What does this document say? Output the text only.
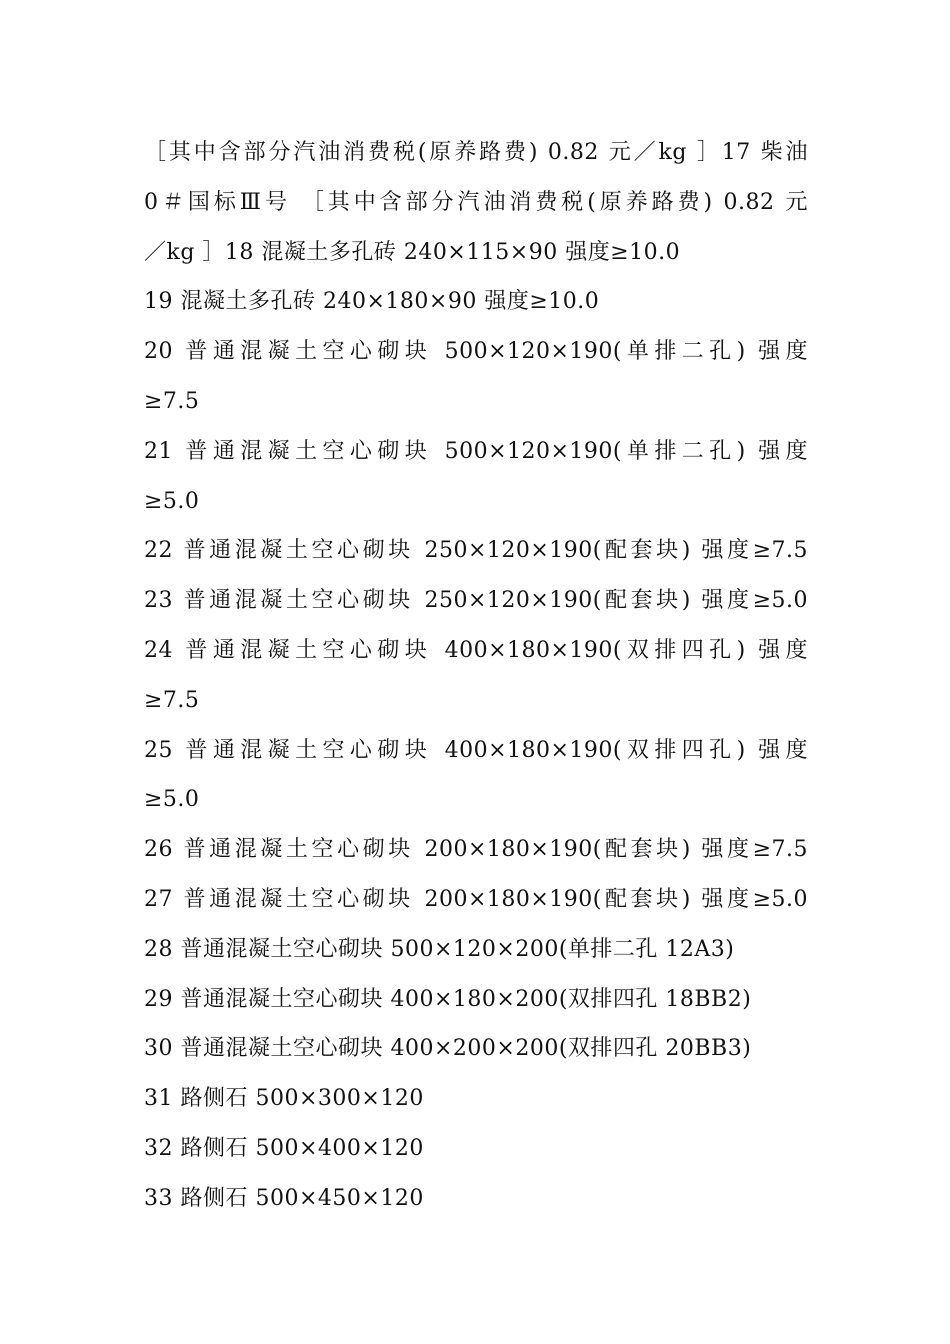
［其中含部分汽油消费税(原养路费) 0.82 元／kg ］17 柴油
0＃国标Ⅲ号 ［其中含部分汽油消费税(原养路费) 0.82 元
／kg ］18 混凝土多孔砖 240×115×90 强度≥10.0
19 混凝土多孔砖 240×180×90 强度≥10.0
20 普通混凝土空心砌块 500×120×190(单排二孔) 强度
≥7.5
21 普通混凝土空心砌块 500×120×190(单排二孔) 强度
≥5.0
22 普通混凝土空心砌块 250×120×190(配套块) 强度≥7.5
23 普通混凝土空心砌块 250×120×190(配套块) 强度≥5.0
24 普通混凝土空心砌块 400×180×190(双排四孔) 强度
≥7.5
25 普通混凝土空心砌块 400×180×190(双排四孔) 强度
≥5.0
26 普通混凝土空心砌块 200×180×190(配套块) 强度≥7.5
27 普通混凝土空心砌块 200×180×190(配套块) 强度≥5.0
28 普通混凝土空心砌块 500×120×200(单排二孔 12A3)
29 普通混凝土空心砌块 400×180×200(双排四孔 18BB2)
30 普通混凝土空心砌块 400×200×200(双排四孔 20BB3)
31 路侧石 500×300×120
32 路侧石 500×400×120
33 路侧石 500×450×120
